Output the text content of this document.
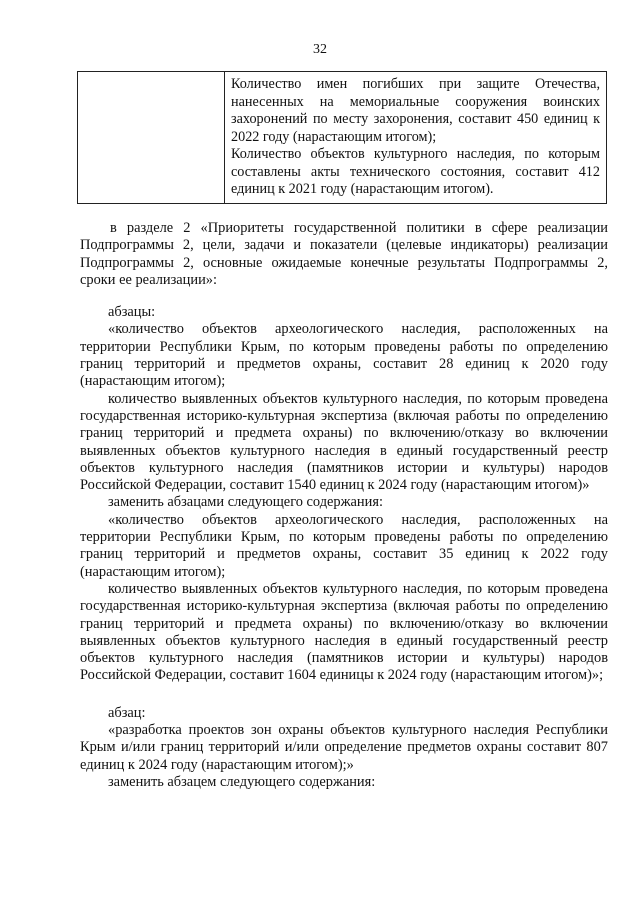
32

Количество имен погибших при защите Отечества, нанесенных на мемориальные сооружения воинских захоронений по месту захоронения, составит 450 единиц к 2022 году (нарастающим итогом);

Количество объектов культурного наследия, по которым составлены акты технического состояния, составит 412 единиц к 2021 году (нарастающим итогом).

в разделе 2 «Приоритеты государственной политики в сфере реализации Подпрограммы 2, цели, задачи и показатели (целевые индикаторы) реализации Подпрограммы 2, основные ожидаемые конечные результаты Подпрограммы 2, сроки ее реализации»:

абзацы:

«количество объектов археологического наследия, расположенных на территории Республики Крым, по которым проведены работы по определению границ территорий и предметов охраны, составит 28 единиц к 2020 году (нарастающим итогом);

количество выявленных объектов культурного наследия, по которым проведена государственная историко-культурная экспертиза (включая работы по определению границ территорий и предмета охраны) по включению/отказу во включении выявленных объектов культурного наследия в единый государственный реестр объектов культурного наследия (памятников истории и культуры) народов Российской Федерации, составит 1540 единиц к 2024 году (нарастающим итогом)»

заменить абзацами следующего содержания:

«количество объектов археологического наследия, расположенных на территории Республики Крым, по которым проведены работы по определению границ территорий и предметов охраны, составит 35 единиц к 2022 году (нарастающим итогом);

количество выявленных объектов культурного наследия, по которым проведена государственная историко-культурная экспертиза (включая работы по определению границ территорий и предмета охраны) по включению/отказу во включении выявленных объектов культурного наследия в единый государственный реестр объектов культурного наследия (памятников истории и культуры) народов Российской Федерации, составит 1604 единицы к 2024 году (нарастающим итогом)»;

абзац:

«разработка проектов зон охраны объектов культурного наследия Республики Крым и/или границ территорий и/или определение предметов охраны составит 807 единиц к 2024 году (нарастающим итогом);»

заменить абзацем следующего содержания:
